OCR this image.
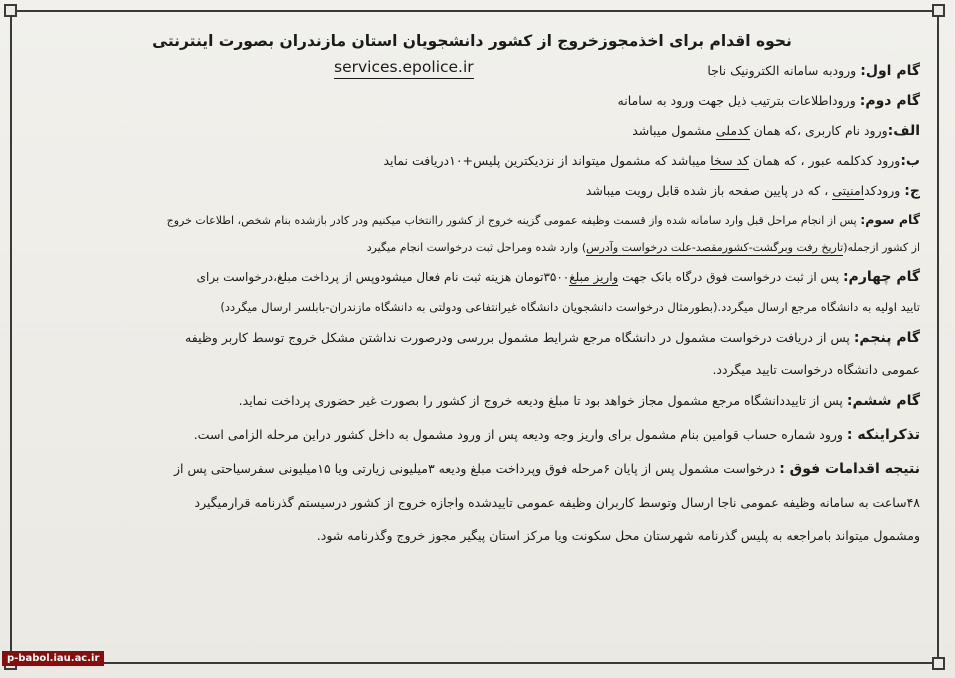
نحوه اقدام برای اخذمجوزخروج از کشور دانشجویان استان مازندران بصورت اینترنتی
گام اول: ورودبه سامانه الکترونیک ناجا
services.epolice.ir
گام دوم: وروداطلاعات بترتیب ذیل جهت ورود به سامانه
الف:ورود نام کاربری ،که همان کدملی مشمول میباشد
ب:ورود کدکلمه عبور ، که همان کد سخا میباشد که مشمول میتواند از نزدیکترین پلیس+۱۰دریافت نماید
ج: ورودکدامنیتی ، که در پایین صفحه باز شده قابل رویت میباشد
گام سوم: پس از انجام مراحل قبل وارد سامانه شده واز قسمت وظیفه عمومی گزینه خروج از کشور راانتخاب میکنیم ودر کادر بازشده بنام شخص، اطلاعات خروج
از کشور ازجمله(تاریخ رفت وبرگشت-کشورمقصد-علت درخواست وآدرس) وارد شده ومراحل ثبت درخواست انجام میگیرد
گام چهارم: پس از ثبت درخواست فوق درگاه بانک جهت واریز مبلغ۳۵۰۰تومان هزینه ثبت نام فعال میشودوپس از پرداخت مبلغ،درخواست برای
تایید اولیه به دانشگاه مرجع ارسال میگردد.(بطورمثال درخواست دانشجویان دانشگاه غیرانتفاعی ودولتی به دانشگاه مازندران-بابلسر ارسال میگردد)
گام پنجم: پس از دریافت درخواست مشمول در دانشگاه مرجع شرایط مشمول بررسی ودرصورت نداشتن مشکل خروج توسط کاربر وظیفه
عمومی دانشگاه درخواست تایید میگردد.
گام ششم: پس از تاییددانشگاه مرجع مشمول مجاز خواهد بود تا مبلغ ودیعه خروج از کشور را بصورت غیر حضوری پرداخت نماید.
تذکراینکه : ورود شماره حساب قوامین بنام مشمول برای واریز وجه ودیعه پس از ورود مشمول به داخل کشور دراین مرحله الزامی است.
نتیجه اقدامات فوق : درخواست مشمول پس از پایان ۶مرحله فوق وپرداخت مبلغ ودیعه ۳میلیونی زیارتی ویا ۱۵میلیونی سفرسیاحتی پس از
۴۸ساعت به سامانه وظیفه عمومی ناجا ارسال وتوسط کاربران وظیفه عمومی تاییدشده واجازه خروج از کشور درسیستم گذرنامه قرارمیگیرد
ومشمول میتواند بامراجعه به پلیس گذرنامه شهرستان محل سکونت ویا مرکز استان پیگیر مجوز خروج وگذرنامه شود.
p-babol.iau.ac.ir
